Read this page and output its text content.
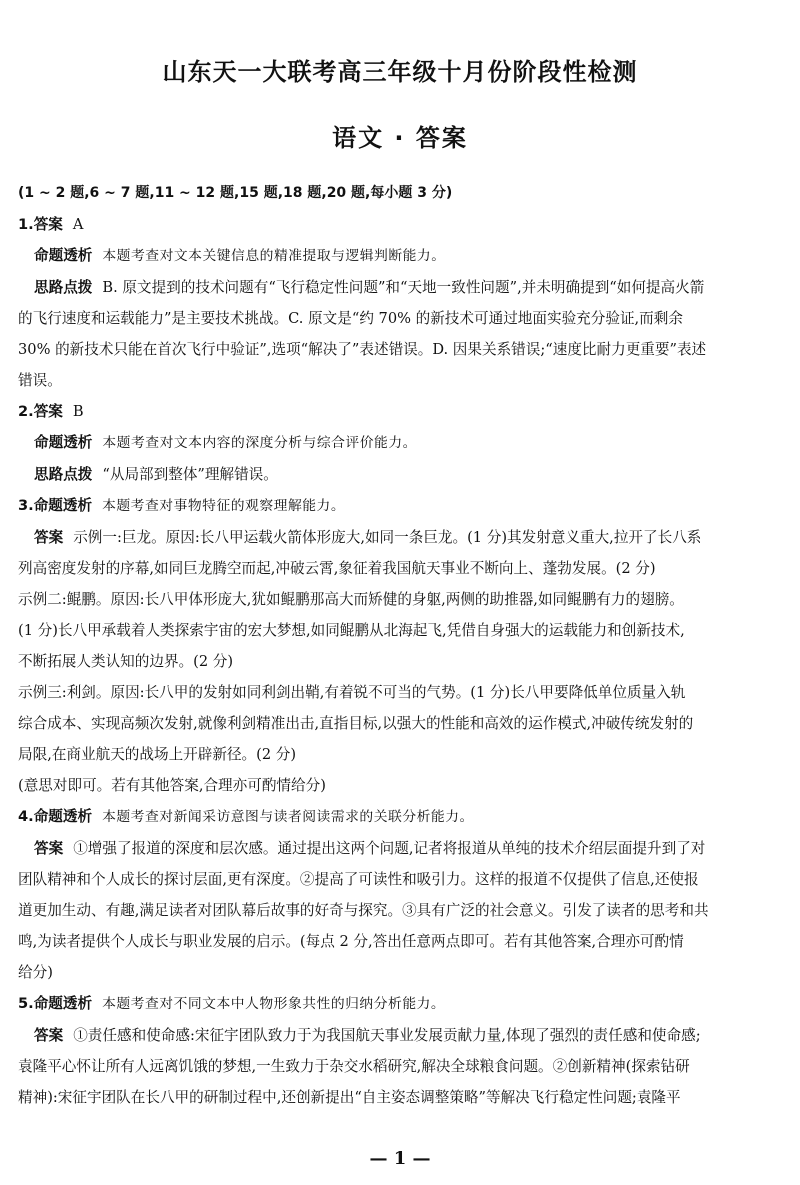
山东天一大联考高三年级十月份阶段性检测
语文 · 答案

(1 ~ 2 题,6 ~ 7 题,11 ~ 12 题,15 题,18 题,20 题,每小题 3 分)

1.答案 A

命题透析 本题考查对文本关键信息的精准提取与逻辑判断能力。

思路点拨 B. 原文提到的技术问题有“飞行稳定性问题”和“天地一致性问题”,并未明确提到“如何提高火箭

的飞行速度和运载能力”是主要技术挑战。C. 原文是“约 70% 的新技术可通过地面实验充分验证,而剩余

30% 的新技术只能在首次飞行中验证”,选项“解决了”表述错误。D. 因果关系错误;“速度比耐力更重要”表述

错误。

2.答案 B

命题透析 本题考查对文本内容的深度分析与综合评价能力。

思路点拨 “从局部到整体”理解错误。

3.命题透析 本题考查对事物特征的观察理解能力。

答案 示例一:巨龙。原因:长八甲运载火箭体形庞大,如同一条巨龙。(1 分)其发射意义重大,拉开了长八系

列高密度发射的序幕,如同巨龙腾空而起,冲破云霄,象征着我国航天事业不断向上、蓬勃发展。(2 分)

示例二:鲲鹏。原因:长八甲体形庞大,犹如鲲鹏那高大而矫健的身躯,两侧的助推器,如同鲲鹏有力的翅膀。

(1 分)长八甲承载着人类探索宇宙的宏大梦想,如同鲲鹏从北海起飞,凭借自身强大的运载能力和创新技术,

不断拓展人类认知的边界。(2 分)

示例三:利剑。原因:长八甲的发射如同利剑出鞘,有着锐不可当的气势。(1 分)长八甲要降低单位质量入轨

综合成本、实现高频次发射,就像利剑精准出击,直指目标,以强大的性能和高效的运作模式,冲破传统发射的

局限,在商业航天的战场上开辟新径。(2 分)

(意思对即可。若有其他答案,合理亦可酌情给分)

4.命题透析 本题考查对新闻采访意图与读者阅读需求的关联分析能力。

答案 ①增强了报道的深度和层次感。通过提出这两个问题,记者将报道从单纯的技术介绍层面提升到了对

团队精神和个人成长的探讨层面,更有深度。②提高了可读性和吸引力。这样的报道不仅提供了信息,还使报

道更加生动、有趣,满足读者对团队幕后故事的好奇与探究。③具有广泛的社会意义。引发了读者的思考和共

鸣,为读者提供个人成长与职业发展的启示。(每点 2 分,答出任意两点即可。若有其他答案,合理亦可酌情

给分)

5.命题透析 本题考查对不同文本中人物形象共性的归纳分析能力。

答案 ①责任感和使命感:宋征宇团队致力于为我国航天事业发展贡献力量,体现了强烈的责任感和使命感;

袁隆平心怀让所有人远离饥饿的梦想,一生致力于杂交水稻研究,解决全球粮食问题。②创新精神(探索钻研

精神):宋征宇团队在长八甲的研制过程中,还创新提出“自主姿态调整策略”等解决飞行稳定性问题;袁隆平

— 1 —
